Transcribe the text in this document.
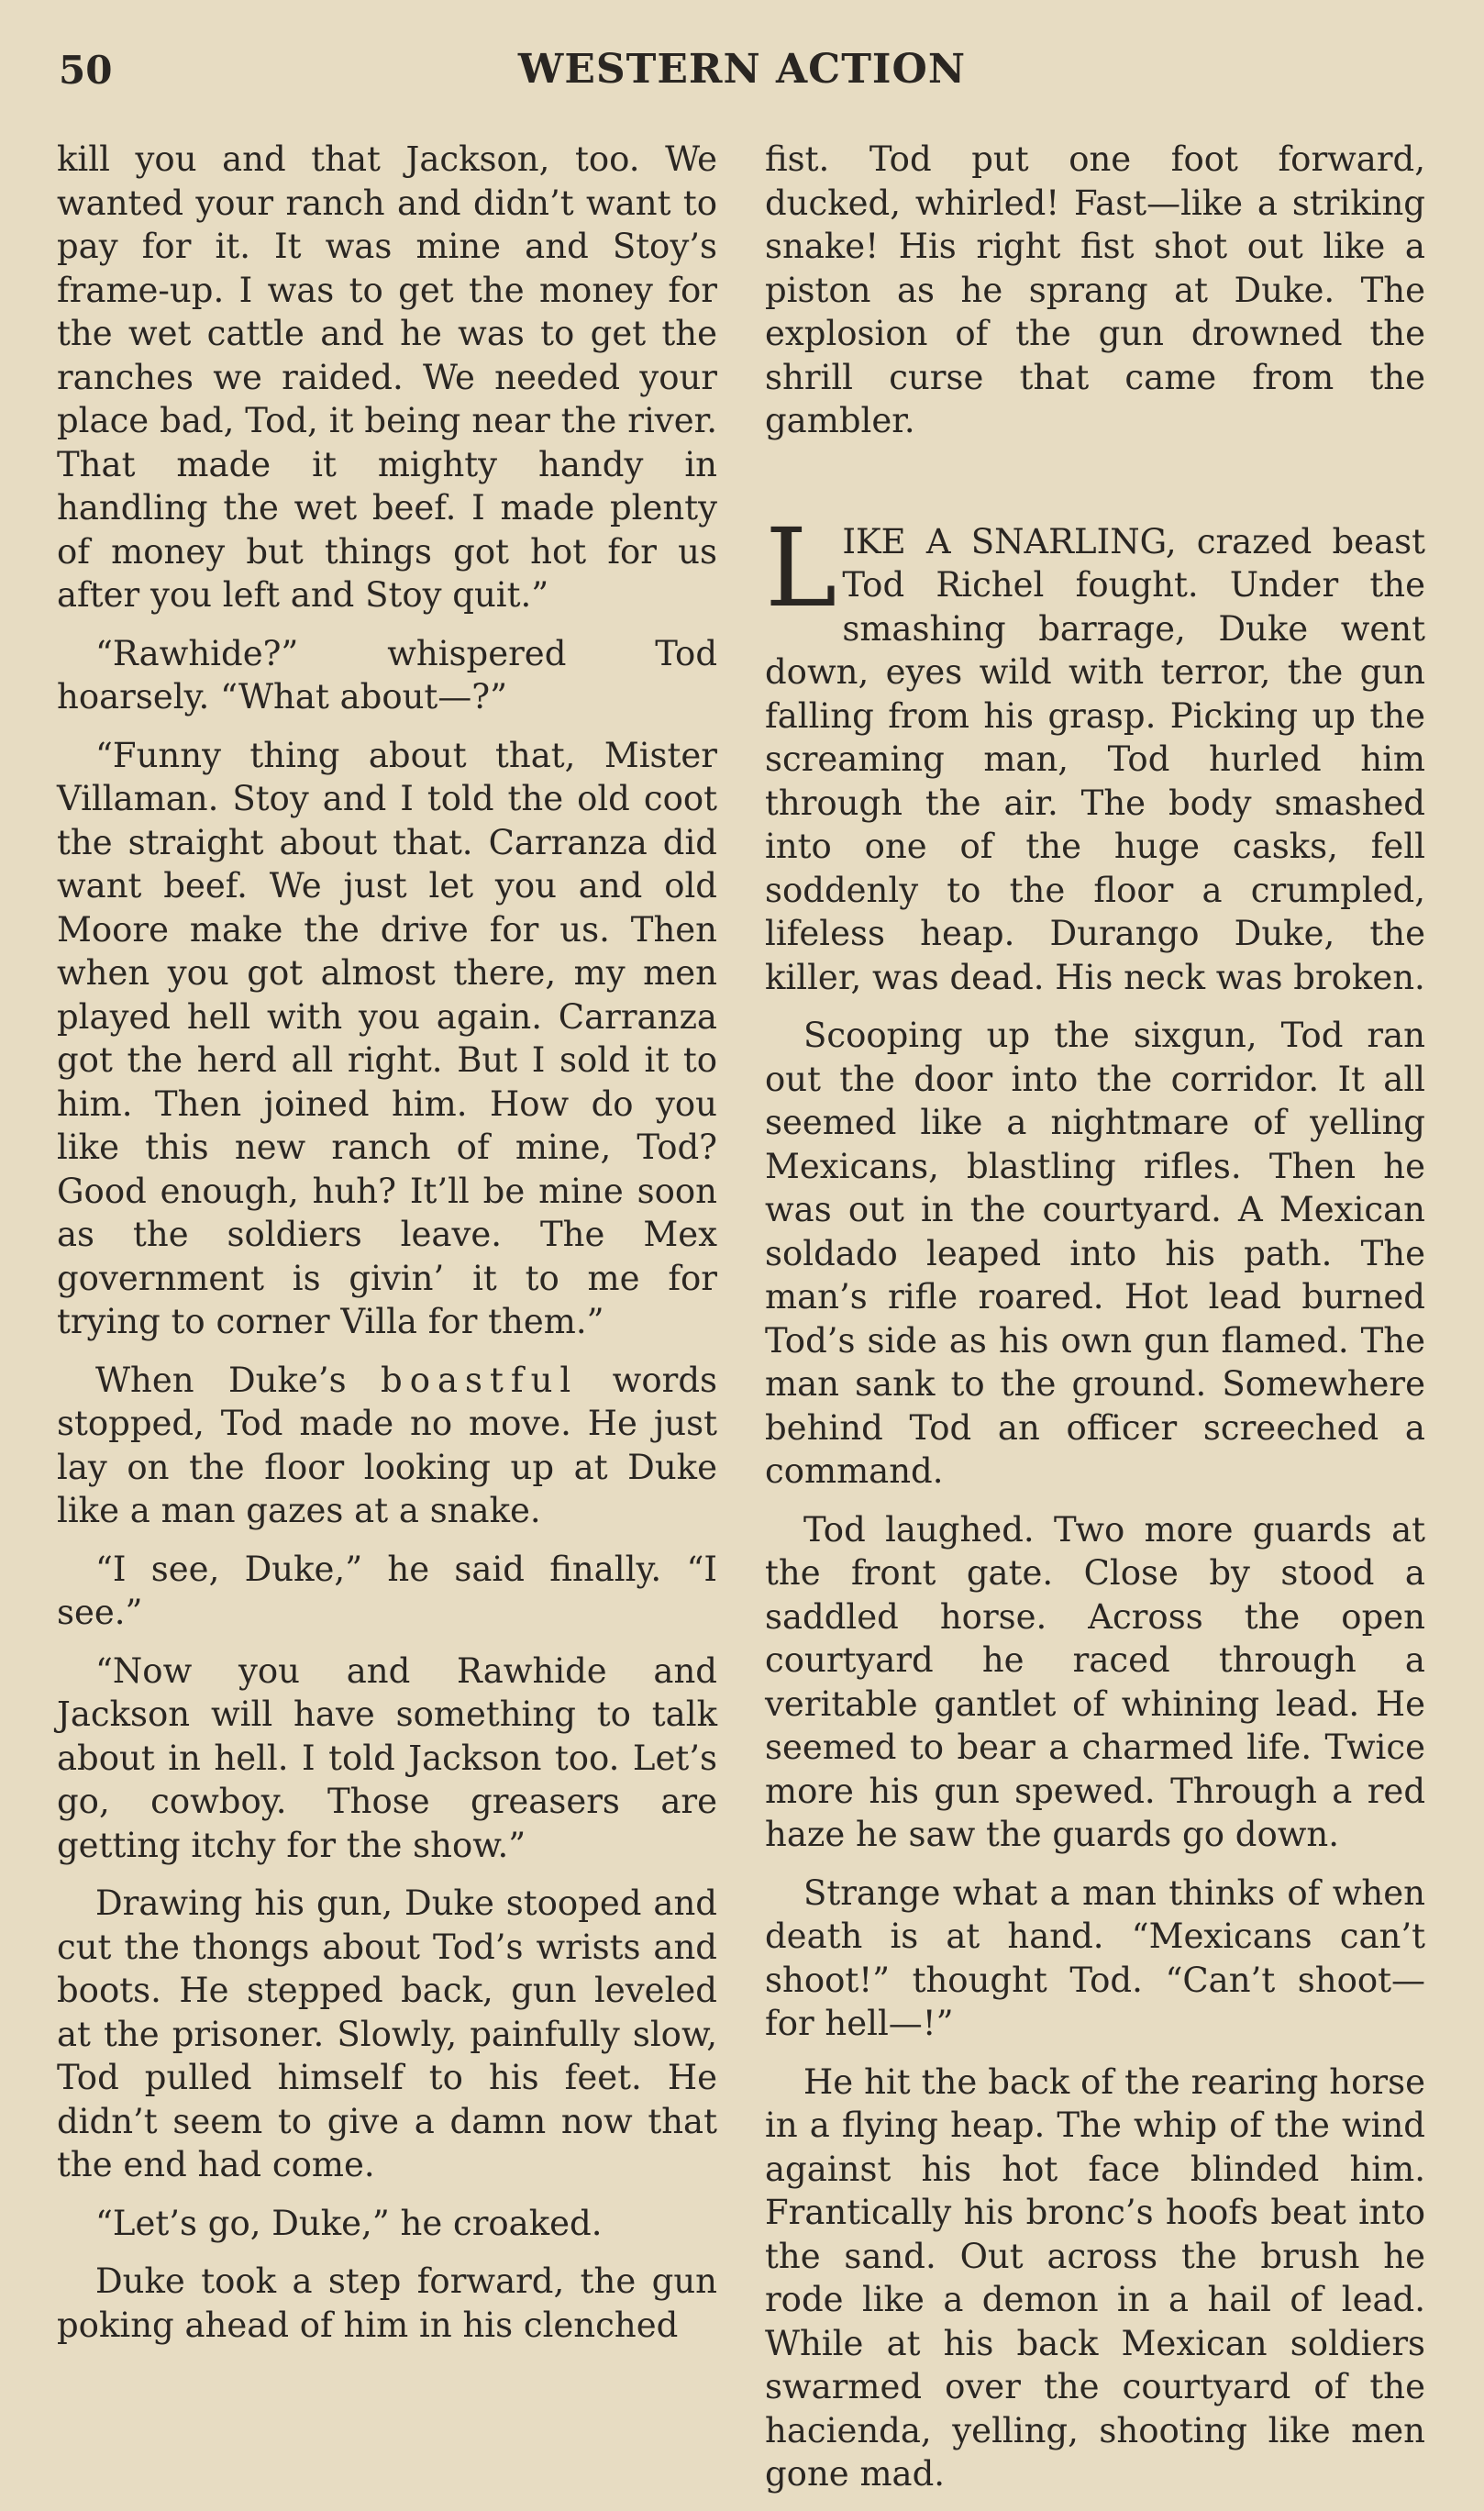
50	WESTERN ACTION

kill you and that Jackson, too. We wanted your ranch and didn’t want to pay for it. It was mine and Stoy’s frame-up. I was to get the money for the wet cattle and he was to get the ranches we raided. We needed your place bad, Tod, it being near the river. That made it mighty handy in handling the wet beef. I made plenty of money but things got hot for us after you left and Stoy quit.”

“Rawhide?” whispered Tod hoarsely. “What about—?”

“Funny thing about that, Mister Villaman. Stoy and I told the old coot the straight about that. Carranza did want beef. We just let you and old Moore make the drive for us. Then when you got almost there, my men played hell with you again. Carranza got the herd all right. But I sold it to him. Then joined him. How do you like this new ranch of mine, Tod? Good enough, huh? It’ll be mine soon as the soldiers leave. The Mex government is givin’ it to me for trying to corner Villa for them.”

When Duke’s boastful words stopped, Tod made no move. He just lay on the floor looking up at Duke like a man gazes at a snake.

“I see, Duke,” he said finally. “I see.”

“Now you and Rawhide and Jackson will have something to talk about in hell. I told Jackson too. Let’s go, cowboy. Those greasers are getting itchy for the show.”

Drawing his gun, Duke stooped and cut the thongs about Tod’s wrists and boots. He stepped back, gun leveled at the prisoner. Slowly, painfully slow, Tod pulled himself to his feet. He didn’t seem to give a damn now that the end had come.

“Let’s go, Duke,” he croaked.

Duke took a step forward, the gun poking ahead of him in his clenched

fist. Tod put one foot forward, ducked, whirled! Fast—like a striking snake! His right fist shot out like a piston as he sprang at Duke. The explosion of the gun drowned the shrill curse that came from the gambler.

LIKE A SNARLING, crazed beast Tod Richel fought. Under the smashing barrage, Duke went down, eyes wild with terror, the gun falling from his grasp. Picking up the screaming man, Tod hurled him through the air. The body smashed into one of the huge casks, fell soddenly to the floor a crumpled, lifeless heap. Durango Duke, the killer, was dead. His neck was broken.

Scooping up the sixgun, Tod ran out the door into the corridor. It all seemed like a nightmare of yelling Mexicans, blastling rifles. Then he was out in the courtyard. A Mexican soldado leaped into his path. The man’s rifle roared. Hot lead burned Tod’s side as his own gun flamed. The man sank to the ground. Somewhere behind Tod an officer screeched a command.

Tod laughed. Two more guards at the front gate. Close by stood a saddled horse. Across the open courtyard he raced through a veritable gantlet of whining lead. He seemed to bear a charmed life. Twice more his gun spewed. Through a red haze he saw the guards go down.

Strange what a man thinks of when death is at hand. “Mexicans can’t shoot!” thought Tod. “Can’t shoot—for hell—!”

He hit the back of the rearing horse in a flying heap. The whip of the wind against his hot face blinded him. Frantically his bronc’s hoofs beat into the sand. Out across the brush he rode like a demon in a hail of lead. While at his back Mexican soldiers swarmed over the courtyard of the hacienda, yelling, shooting like men gone mad.
